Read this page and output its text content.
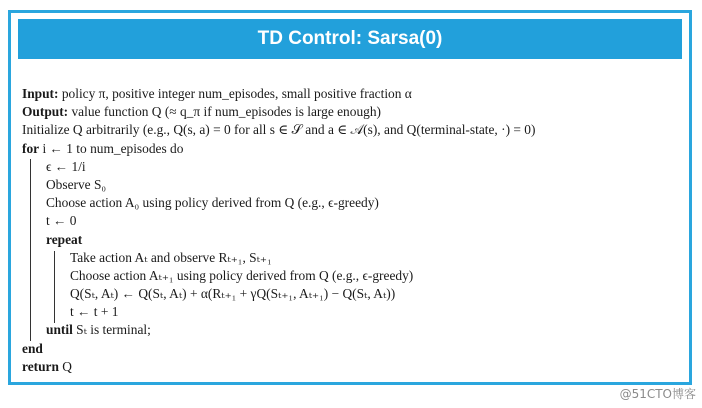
TD Control: Sarsa(0)
Input: policy π, positive integer num_episodes, small positive fraction α
Output: value function Q (≈ q_π if num_episodes is large enough)
Initialize Q arbitrarily (e.g., Q(s, a) = 0 for all s ∈ 𝒮 and a ∈ 𝒜(s), and Q(terminal-state, ·) = 0)
for i ← 1 to num_episodes do
ϵ ← 1/i
Observe S₀
Choose action A₀ using policy derived from Q (e.g., ϵ-greedy)
t ← 0
repeat
Take action Aₜ and observe Rₜ₊₁, Sₜ₊₁
Choose action Aₜ₊₁ using policy derived from Q (e.g., ϵ-greedy)
Q(Sₜ, Aₜ) ← Q(Sₜ, Aₜ) + α(Rₜ₊₁ + γQ(Sₜ₊₁, Aₜ₊₁) − Q(Sₜ, Aₜ))
t ← t + 1
until Sₜ is terminal;
end
return Q
@51CTO博客
